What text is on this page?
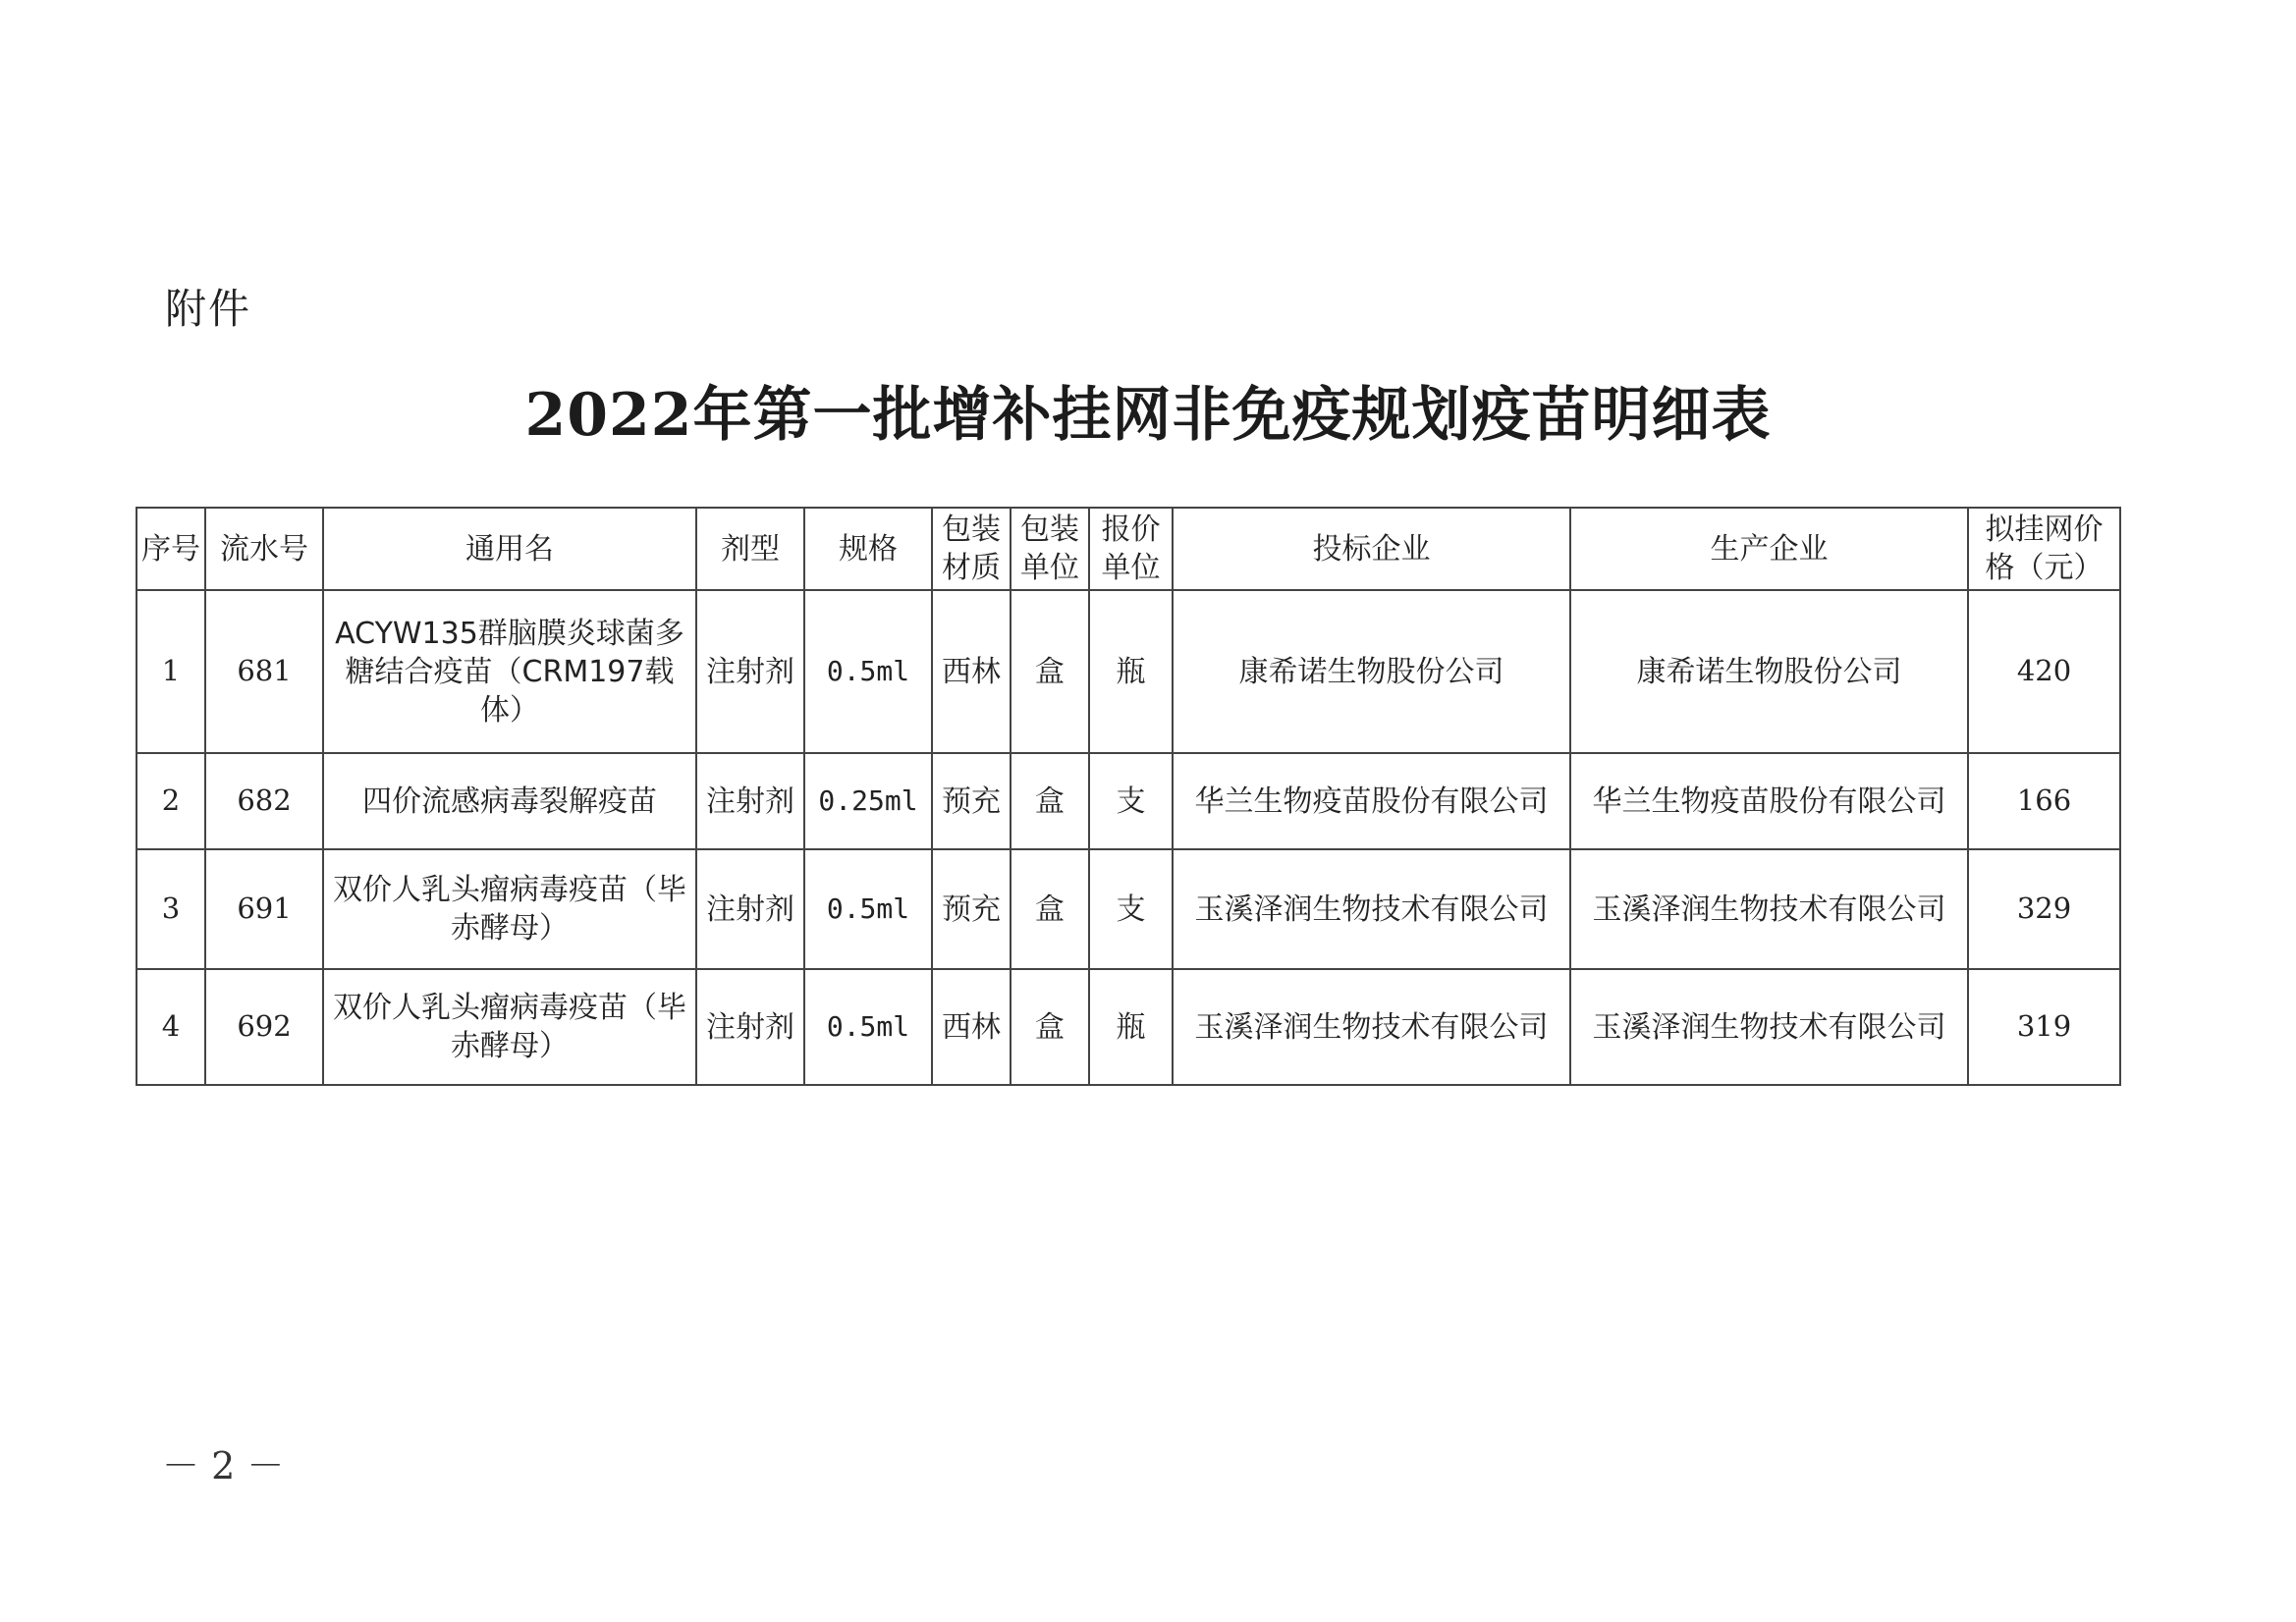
附件
2022年第一批增补挂网非免疫规划疫苗明细表
序号	流水号	通用名	剂型	规格	包装材质	包装单位	报价单位	投标企业	生产企业	拟挂网价格（元）
1	681	ACYW135群脑膜炎球菌多糖结合疫苗（CRM197载体）	注射剂	0.5ml	西林	盒	瓶	康希诺生物股份公司	康希诺生物股份公司	420
2	682	四价流感病毒裂解疫苗	注射剂	0.25ml	预充	盒	支	华兰生物疫苗股份有限公司	华兰生物疫苗股份有限公司	166
3	691	双价人乳头瘤病毒疫苗（毕赤酵母）	注射剂	0.5ml	预充	盒	支	玉溪泽润生物技术有限公司	玉溪泽润生物技术有限公司	329
4	692	双价人乳头瘤病毒疫苗（毕赤酵母）	注射剂	0.5ml	西林	盒	瓶	玉溪泽润生物技术有限公司	玉溪泽润生物技术有限公司	319
－ 2 －
